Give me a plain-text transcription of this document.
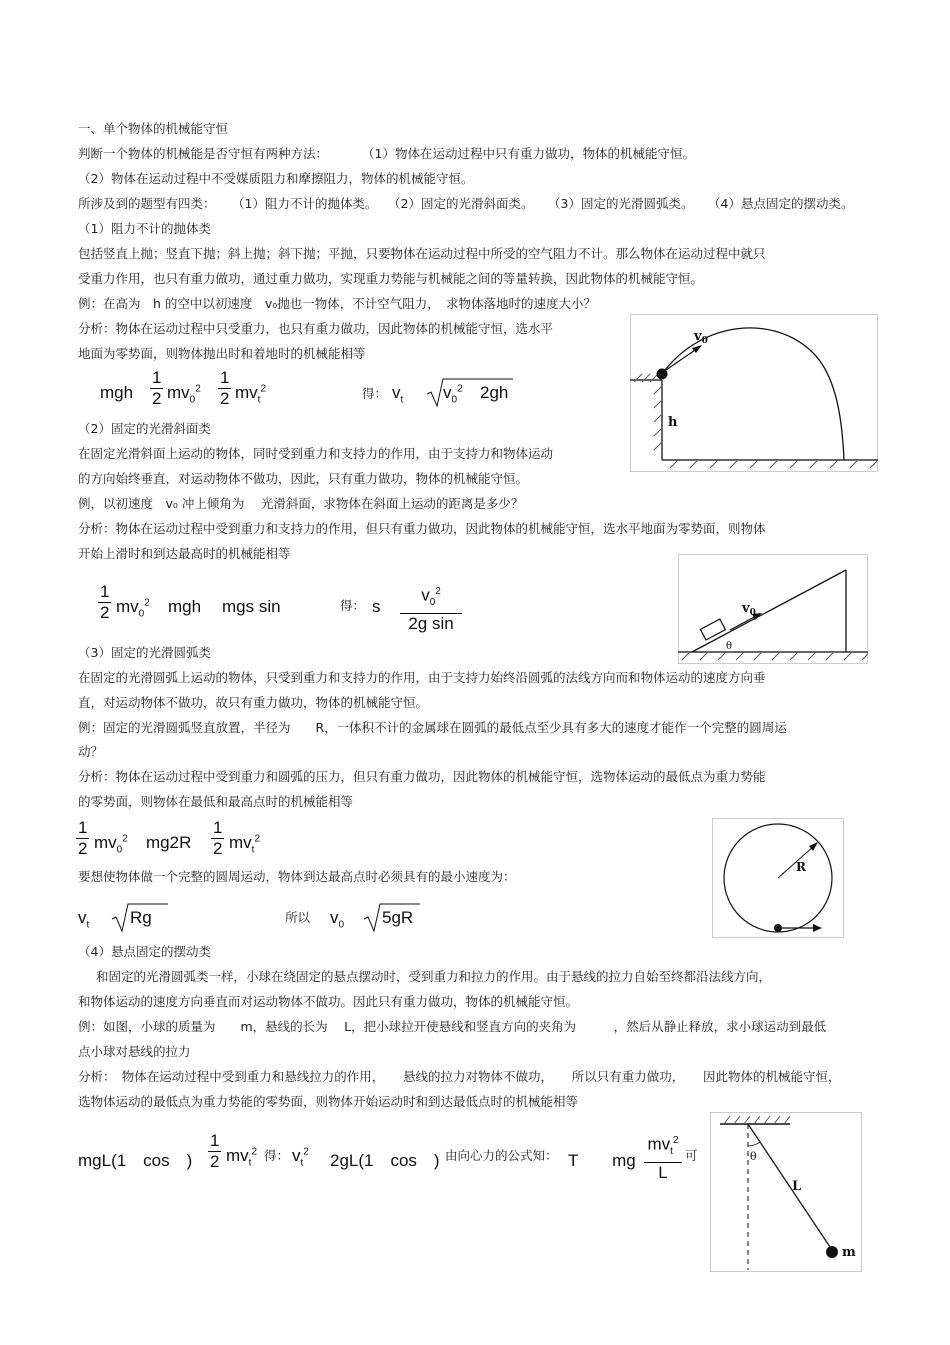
一、单个物体的机械能守恒
判断一个物体的机械能是否守恒有两种方法：	（1）物体在运动过程中只有重力做功，物体的机械能守恒。
（2）物体在运动过程中不受媒质阻力和摩擦阻力，物体的机械能守恒。
所涉及到的题型有四类： （1）阻力不计的抛体类。 （2）固定的光滑斜面类。 （3）固定的光滑圆弧类。 （4）悬点固定的摆动类。
（1）阻力不计的抛体类
包括竖直上抛；竖直下抛；斜上抛；斜下抛；平抛，只要物体在运动过程中所受的空气阻力不计。那么物体在运动过程中就只
受重力作用，也只有重力做功，通过重力做功，实现重力势能与机械能之间的等量转换，因此物体的机械能守恒。
例：在高为　h 的空中以初速度　v₀抛也一物体，不计空气阻力，　求物体落地时的速度大小？
分析：物体在运动过程中只受重力，也只有重力做功，因此物体的机械能守恒，选水平
地面为零势面，则物体抛出时和着地时的机械能相等
mgh $\frac{1}{2} mv_0^2 \frac{1}{2} mv_t^2$	得： $v_t$ $v_0^2$ 2gh
$v_0$
h
（2）固定的光滑斜面类
在固定光滑斜面上运动的物体，同时受到重力和支持力的作用，由于支持力和物体运动
的方向始终垂直，对运动物体不做功，因此，只有重力做功，物体的机械能守恒。
例，以初速度　v₀ 冲上倾角为　 光滑斜面，求物体在斜面上运动的距离是多少？
分析：物体在运动过程中受到重力和支持力的作用，但只有重力做功，因此物体的机械能守恒，选水平地面为零势面，则物体
开始上滑时和到达最高时的机械能相等
$\frac{1}{2} mv_0^2$ mgh mgs sin	得： s $\frac{v_0^2}{\text{2g sin}}$	$v_0$
θ
（3）固定的光滑圆弧类
在固定的光滑圆弧上运动的物体，只受到重力和支持力的作用，由于支持力始终沿圆弧的法线方向而和物体运动的速度方向垂
直，对运动物体不做功，故只有重力做功，物体的机械能守恒。
例：固定的光滑圆弧竖直放置，半径为　　R，一体积不计的金属球在圆弧的最低点至少具有多大的速度才能作一个完整的圆周运
动？
分析：物体在运动过程中受到重力和圆弧的压力，但只有重力做功，因此物体的机械能守恒，选物体运动的最低点为重力势能
的零势面，则物体在最低和最高点时的机械能相等
$\frac{1}{2} mv_0^2$ $mg2R \frac{1}{2} mv_t^2$
要想使物体做一个完整的圆周运动，物体到达最高点时必须具有的最小速度为：
$v_t$ Rg	所以 $v_0$ 5gR
R
（4）悬点固定的摆动类
和固定的光滑圆弧类一样，小球在绕固定的悬点摆动时，受到重力和拉力的作用。由于悬线的拉力自始至终都沿法线方向，
和物体运动的速度方向垂直而对运动物体不做功。因此只有重力做功，物体的机械能守恒。
例：如图，小球的质量为　　m，悬线的长为　 L，把小球拉开使悬线和竖直方向的夹角为　　　，然后从静止释放，求小球运动到最低
点小球对悬线的拉力
分析：　物体在运动过程中受到重力和悬线拉力的作用，　　悬线的拉力对物体不做功，　　所以只有重力做功，　　因此物体的机械能守恒，
选物体运动的最低点为重力势能的零势面，则物体开始运动时和到达最低点时的机械能相等
mgL(1　cos　) $\frac{1}{2} mv_t^2$ 得： $v_t^2$ 2gL(1　cos　) 由向心力的公式知： T　　mg
$mv_t^2$
L
可	θ
L
m
